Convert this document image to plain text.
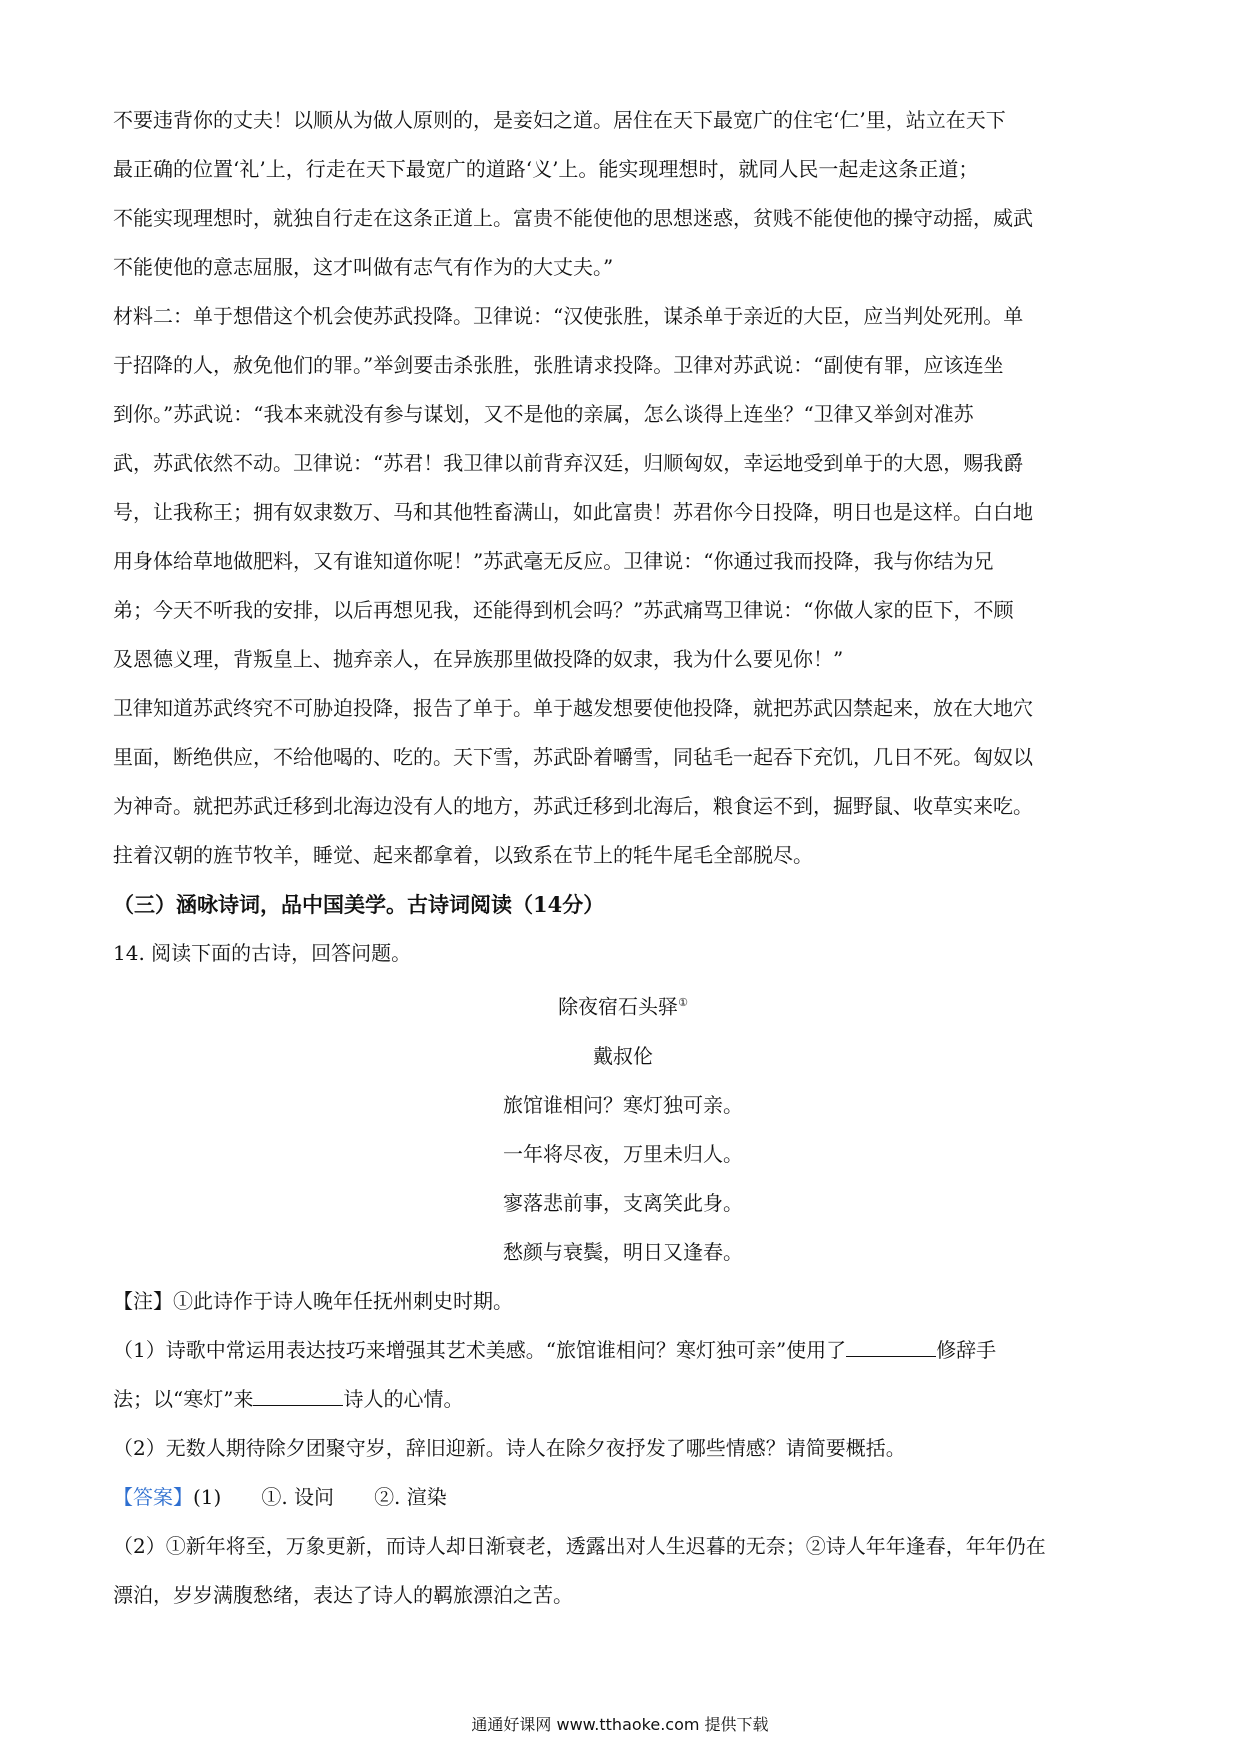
不要违背你的丈夫！以顺从为做人原则的，是妾妇之道。居住在天下最宽广的住宅‘仁’里，站立在天下

最正确的位置‘礼’上，行走在天下最宽广的道路‘义’上。能实现理想时，就同人民一起走这条正道；

不能实现理想时，就独自行走在这条正道上。富贵不能使他的思想迷惑，贫贱不能使他的操守动摇，威武

不能使他的意志屈服，这才叫做有志气有作为的大丈夫。”

材料二：单于想借这个机会使苏武投降。卫律说：“汉使张胜，谋杀单于亲近的大臣，应当判处死刑。单

于招降的人，赦免他们的罪。”举剑要击杀张胜，张胜请求投降。卫律对苏武说：“副使有罪，应该连坐

到你。”苏武说：“我本来就没有参与谋划，又不是他的亲属，怎么谈得上连坐？“卫律又举剑对准苏

武，苏武依然不动。卫律说：“苏君！我卫律以前背弃汉廷，归顺匈奴，幸运地受到单于的大恩，赐我爵

号，让我称王；拥有奴隶数万、马和其他牲畜满山，如此富贵！苏君你今日投降，明日也是这样。白白地

用身体给草地做肥料，又有谁知道你呢！”苏武毫无反应。卫律说：“你通过我而投降，我与你结为兄

弟；今天不听我的安排，以后再想见我，还能得到机会吗？”苏武痛骂卫律说：“你做人家的臣下，不顾

及恩德义理，背叛皇上、抛弃亲人，在异族那里做投降的奴隶，我为什么要见你！”

卫律知道苏武终究不可胁迫投降，报告了单于。单于越发想要使他投降，就把苏武囚禁起来，放在大地穴

里面，断绝供应，不给他喝的、吃的。天下雪，苏武卧着嚼雪，同毡毛一起吞下充饥，几日不死。匈奴以

为神奇。就把苏武迁移到北海边没有人的地方，苏武迁移到北海后，粮食运不到，掘野鼠、收草实来吃。

拄着汉朝的旌节牧羊，睡觉、起来都拿着，以致系在节上的牦牛尾毛全部脱尽。

（三）涵咏诗词，品中国美学。古诗词阅读（14分）

14. 阅读下面的古诗，回答问题。

除夜宿石头驿①
戴叔伦
旅馆谁相问？寒灯独可亲。
一年将尽夜，万里未归人。
寥落悲前事，支离笑此身。
愁颜与衰鬓，明日又逢春。

【注】①此诗作于诗人晚年任抚州刺史时期。

（1）诗歌中常运用表达技巧来增强其艺术美感。“旅馆谁相问？寒灯独可亲”使用了	修辞手

法；以“寒灯”来	诗人的心情。

（2）无数人期待除夕团聚守岁，辞旧迎新。诗人在除夕夜抒发了哪些情感？请简要概括。

【答案】(1) ①. 设问 ②. 渲染

（2）①新年将至，万象更新，而诗人却日渐衰老，透露出对人生迟暮的无奈；②诗人年年逢春，年年仍在

漂泊，岁岁满腹愁绪，表达了诗人的羁旅漂泊之苦。

通通好课网 www.tthaoke.com 提供下载
